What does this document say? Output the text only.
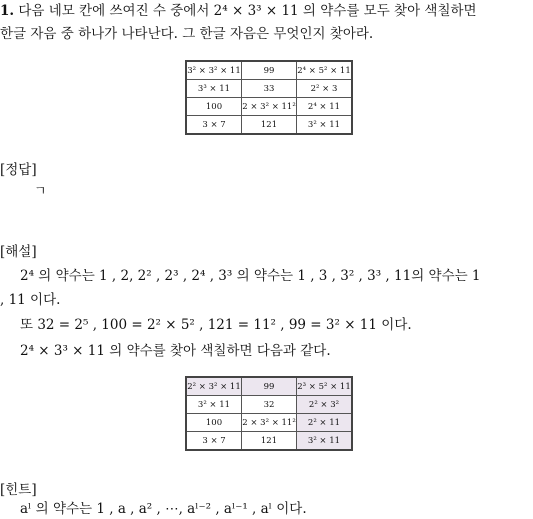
1. 다음 네모 칸에 쓰여진 수 중에서 2⁴ × 3³ × 11 의 약수를 모두 찾아 색칠하면
한글 자음 중 하나가 나타난다. 그 한글 자음은 무엇인지 찾아라.
3² × 3² × 11	99	2⁴ × 5² × 11
3³ × 11	33	2² × 3
100	2 × 3² × 11²	2⁴ × 11
3 × 7	121	3² × 11
[정답]
ㄱ
[해설]
2⁴ 의 약수는 1 , 2, 2² , 2³ , 2⁴ , 3³ 의 약수는 1 , 3 , 3² , 3³ , 11의 약수는 1
, 11 이다.
또 32 = 2⁵ , 100 = 2² × 5² , 121 = 11² , 99 = 3² × 11 이다.
2⁴ × 3³ × 11 의 약수를 찾아 색칠하면 다음과 같다.
2² × 3² × 11	99	2³ × 5² × 11
3² × 11	32	2² × 3²
100	2 × 3² × 11²	2² × 11
3 × 7	121	3² × 11
[힌트]
aˡ 의 약수는 1 , a , a² , ⋯, aˡ⁻² , aˡ⁻¹ , aˡ 이다.
